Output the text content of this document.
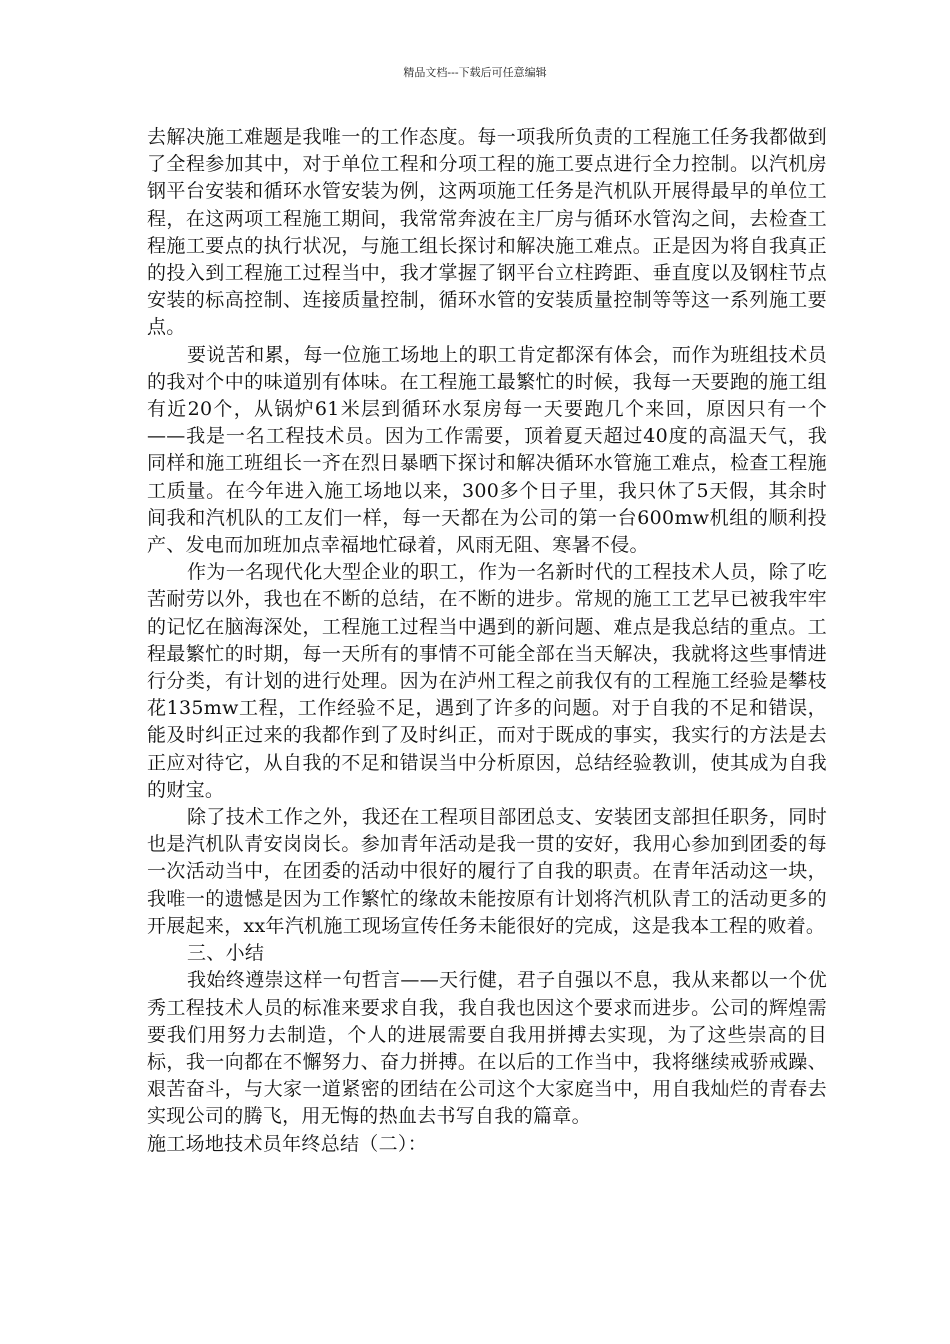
精品文档---下载后可任意编辑

去解决施工难题是我唯一的工作态度。每一项我所负责的工程施工任务我都做到了全程参加其中，对于单位工程和分项工程的施工要点进行全力控制。以汽机房钢平台安装和循环水管安装为例，这两项施工任务是汽机队开展得最早的单位工程，在这两项工程施工期间，我常常奔波在主厂房与循环水管沟之间，去检查工程施工要点的执行状况，与施工组长探讨和解决施工难点。正是因为将自我真正的投入到工程施工过程当中，我才掌握了钢平台立柱跨距、垂直度以及钢柱节点安装的标高控制、连接质量控制，循环水管的安装质量控制等等这一系列施工要点。

要说苦和累，每一位施工场地上的职工肯定都深有体会，而作为班组技术员的我对个中的味道别有体味。在工程施工最繁忙的时候，我每一天要跑的施工组有近20个，从锅炉61米层到循环水泵房每一天要跑几个来回，原因只有一个——我是一名工程技术员。因为工作需要，顶着夏天超过40度的高温天气，我同样和施工班组长一齐在烈日暴晒下探讨和解决循环水管施工难点，检查工程施工质量。在今年进入施工场地以来，300多个日子里，我只休了5天假，其余时间我和汽机队的工友们一样，每一天都在为公司的第一台600mw机组的顺利投产、发电而加班加点幸福地忙碌着，风雨无阻、寒暑不侵。

作为一名现代化大型企业的职工，作为一名新时代的工程技术人员，除了吃苦耐劳以外，我也在不断的总结，在不断的进步。常规的施工工艺早已被我牢牢的记忆在脑海深处，工程施工过程当中遇到的新问题、难点是我总结的重点。工程最繁忙的时期，每一天所有的事情不可能全部在当天解决，我就将这些事情进行分类，有计划的进行处理。因为在泸州工程之前我仅有的工程施工经验是攀枝花135mw工程，工作经验不足，遇到了许多的问题。对于自我的不足和错误，能及时纠正过来的我都作到了及时纠正，而对于既成的事实，我实行的方法是去正应对待它，从自我的不足和错误当中分析原因，总结经验教训，使其成为自我的财宝。

除了技术工作之外，我还在工程项目部团总支、安装团支部担任职务，同时也是汽机队青安岗岗长。参加青年活动是我一贯的安好，我用心参加到团委的每一次活动当中，在团委的活动中很好的履行了自我的职责。在青年活动这一块，我唯一的遗憾是因为工作繁忙的缘故未能按原有计划将汽机队青工的活动更多的开展起来，xx年汽机施工现场宣传任务未能很好的完成，这是我本工程的败着。

三、小结

我始终遵崇这样一句哲言——天行健，君子自强以不息，我从来都以一个优秀工程技术人员的标准来要求自我，我自我也因这个要求而进步。公司的辉煌需要我们用努力去制造，个人的进展需要自我用拼搏去实现，为了这些崇高的目标，我一向都在不懈努力、奋力拼搏。在以后的工作当中，我将继续戒骄戒躁、艰苦奋斗，与大家一道紧密的团结在公司这个大家庭当中，用自我灿烂的青春去实现公司的腾飞，用无悔的热血去书写自我的篇章。

施工场地技术员年终总结（二）：
